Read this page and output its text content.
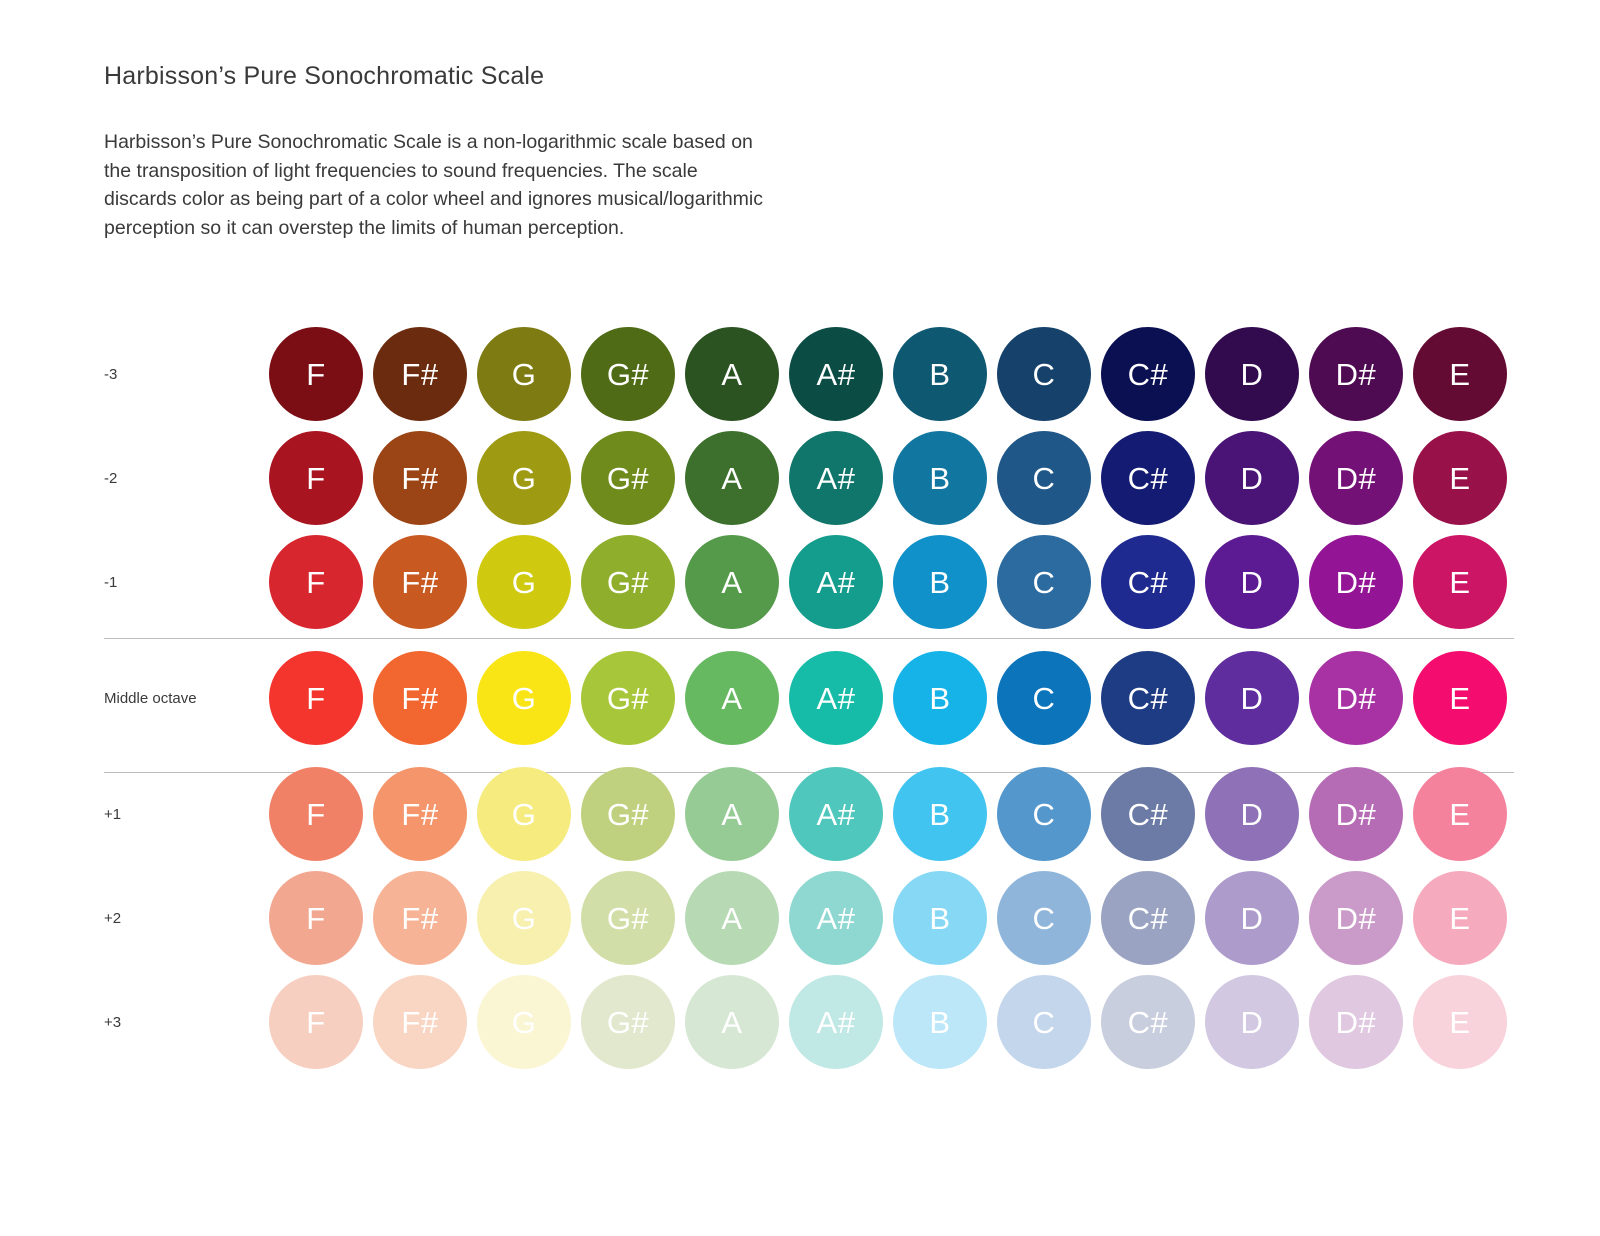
Harbisson’s Pure Sonochromatic Scale
Harbisson’s Pure Sonochromatic Scale is a non-logarithmic scale based on the transposition of light frequencies to sound frequencies. The scale discards color as being part of a color wheel and ignores musical/logarithmic perception so it can overstep the limits of human perception.
-3	F	F#	G	G#	A	A#	B	C	C#	D	D#	E
-2	F	F#	G	G#	A	A#	B	C	C#	D	D#	E
-1	F	F#	G	G#	A	A#	B	C	C#	D	D#	E
Middle octave	F	F#	G	G#	A	A#	B	C	C#	D	D#	E
+1	F	F#	G	G#	A	A#	B	C	C#	D	D#	E
+2	F	F#	G	G#	A	A#	B	C	C#	D	D#	E
+3	F	F#	G	G#	A	A#	B	C	C#	D	D#	E
